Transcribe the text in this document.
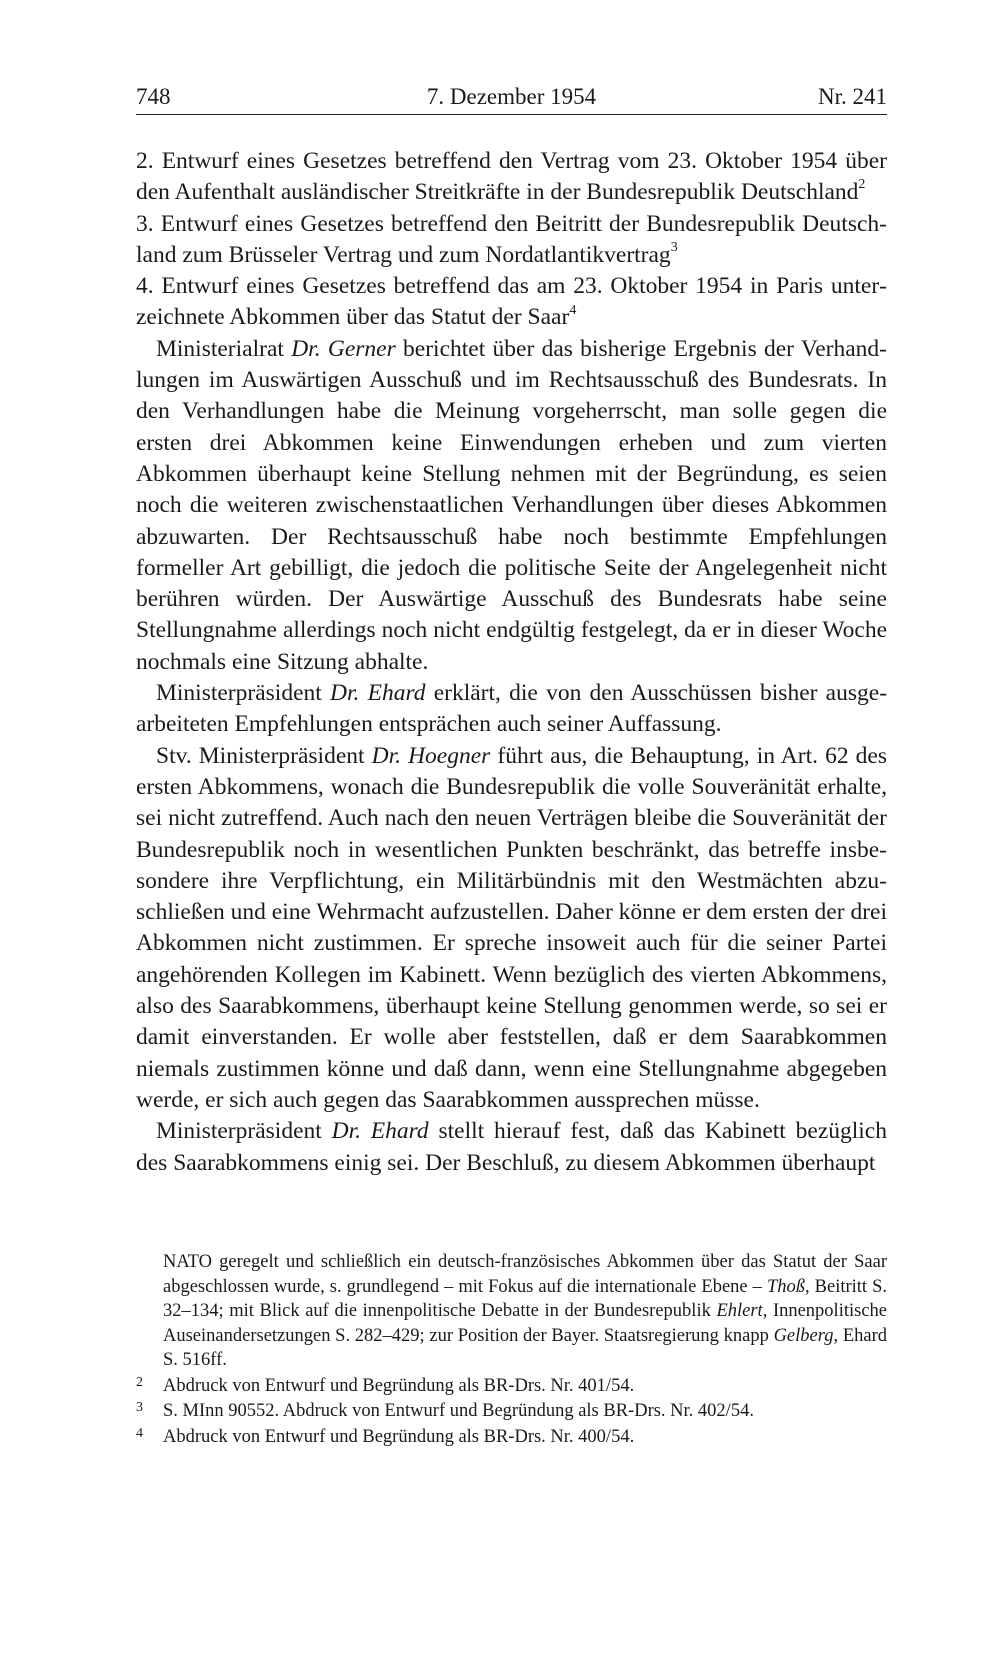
748	7. Dezember 1954	Nr. 241

2. Entwurf eines Gesetzes betreffend den Vertrag vom 23. Oktober 1954 über den Aufenthalt ausländischer Streitkräfte in der Bundesrepublik Deutschland$^2$

3. Entwurf eines Gesetzes betreffend den Beitritt der Bundesrepublik Deutschland zum Brüsseler Vertrag und zum Nordatlantikvertrag$^3$

4. Entwurf eines Gesetzes betreffend das am 23. Oktober 1954 in Paris unterzeichnete Abkommen über das Statut der Saar$^4$

Ministerialrat Dr. Gerner berichtet über das bisherige Ergebnis der Verhandlungen im Auswärtigen Ausschuß und im Rechtsausschuß des Bundesrats. In den Verhandlungen habe die Meinung vorgeherrscht, man solle gegen die ersten drei Abkommen keine Einwendungen erheben und zum vierten Abkommen überhaupt keine Stellung nehmen mit der Begründung, es seien noch die weiteren zwischenstaatlichen Verhandlungen über dieses Abkommen abzuwarten. Der Rechtsausschuß habe noch bestimmte Empfehlungen formeller Art gebilligt, die jedoch die politische Seite der Angelegenheit nicht berühren würden. Der Auswärtige Ausschuß des Bundesrats habe seine Stellungnahme allerdings noch nicht endgültig festgelegt, da er in dieser Woche nochmals eine Sitzung abhalte.

Ministerpräsident Dr. Ehard erklärt, die von den Ausschüssen bisher ausgearbeiteten Empfehlungen entsprächen auch seiner Auffassung.

Stv. Ministerpräsident Dr. Hoegner führt aus, die Behauptung, in Art. 62 des ersten Abkommens, wonach die Bundesrepublik die volle Souveränität erhalte, sei nicht zutreffend. Auch nach den neuen Verträgen bleibe die Souveränität der Bundesrepublik noch in wesentlichen Punkten beschränkt, das betreffe insbesondere ihre Verpflichtung, ein Militärbündnis mit den Westmächten abzuschließen und eine Wehrmacht aufzustellen. Daher könne er dem ersten der drei Abkommen nicht zustimmen. Er spreche insoweit auch für die seiner Partei angehörenden Kollegen im Kabinett. Wenn bezüglich des vierten Abkommens, also des Saarabkommens, überhaupt keine Stellung genommen werde, so sei er damit einverstanden. Er wolle aber feststellen, daß er dem Saarabkommen niemals zustimmen könne und daß dann, wenn eine Stellungnahme abgegeben werde, er sich auch gegen das Saarabkommen aussprechen müsse.

Ministerpräsident Dr. Ehard stellt hierauf fest, daß das Kabinett bezüglich des Saarabkommens einig sei. Der Beschluß, zu diesem Abkommen überhaupt

NATO geregelt und schließlich ein deutsch-französisches Abkommen über das Statut der Saar abgeschlossen wurde, s. grundlegend – mit Fokus auf die internationale Ebene – Thoß, Beitritt S. 32–134; mit Blick auf die innenpolitische Debatte in der Bundesrepublik Ehlert, Innenpolitische Auseinandersetzungen S. 282–429; zur Position der Bayer. Staatsregierung knapp Gelberg, Ehard S. 516ff.

2 Abdruck von Entwurf und Begründung als BR-Drs. Nr. 401/54.
3 S. MInn 90552. Abdruck von Entwurf und Begründung als BR-Drs. Nr. 402/54.
4 Abdruck von Entwurf und Begründung als BR-Drs. Nr. 400/54.
